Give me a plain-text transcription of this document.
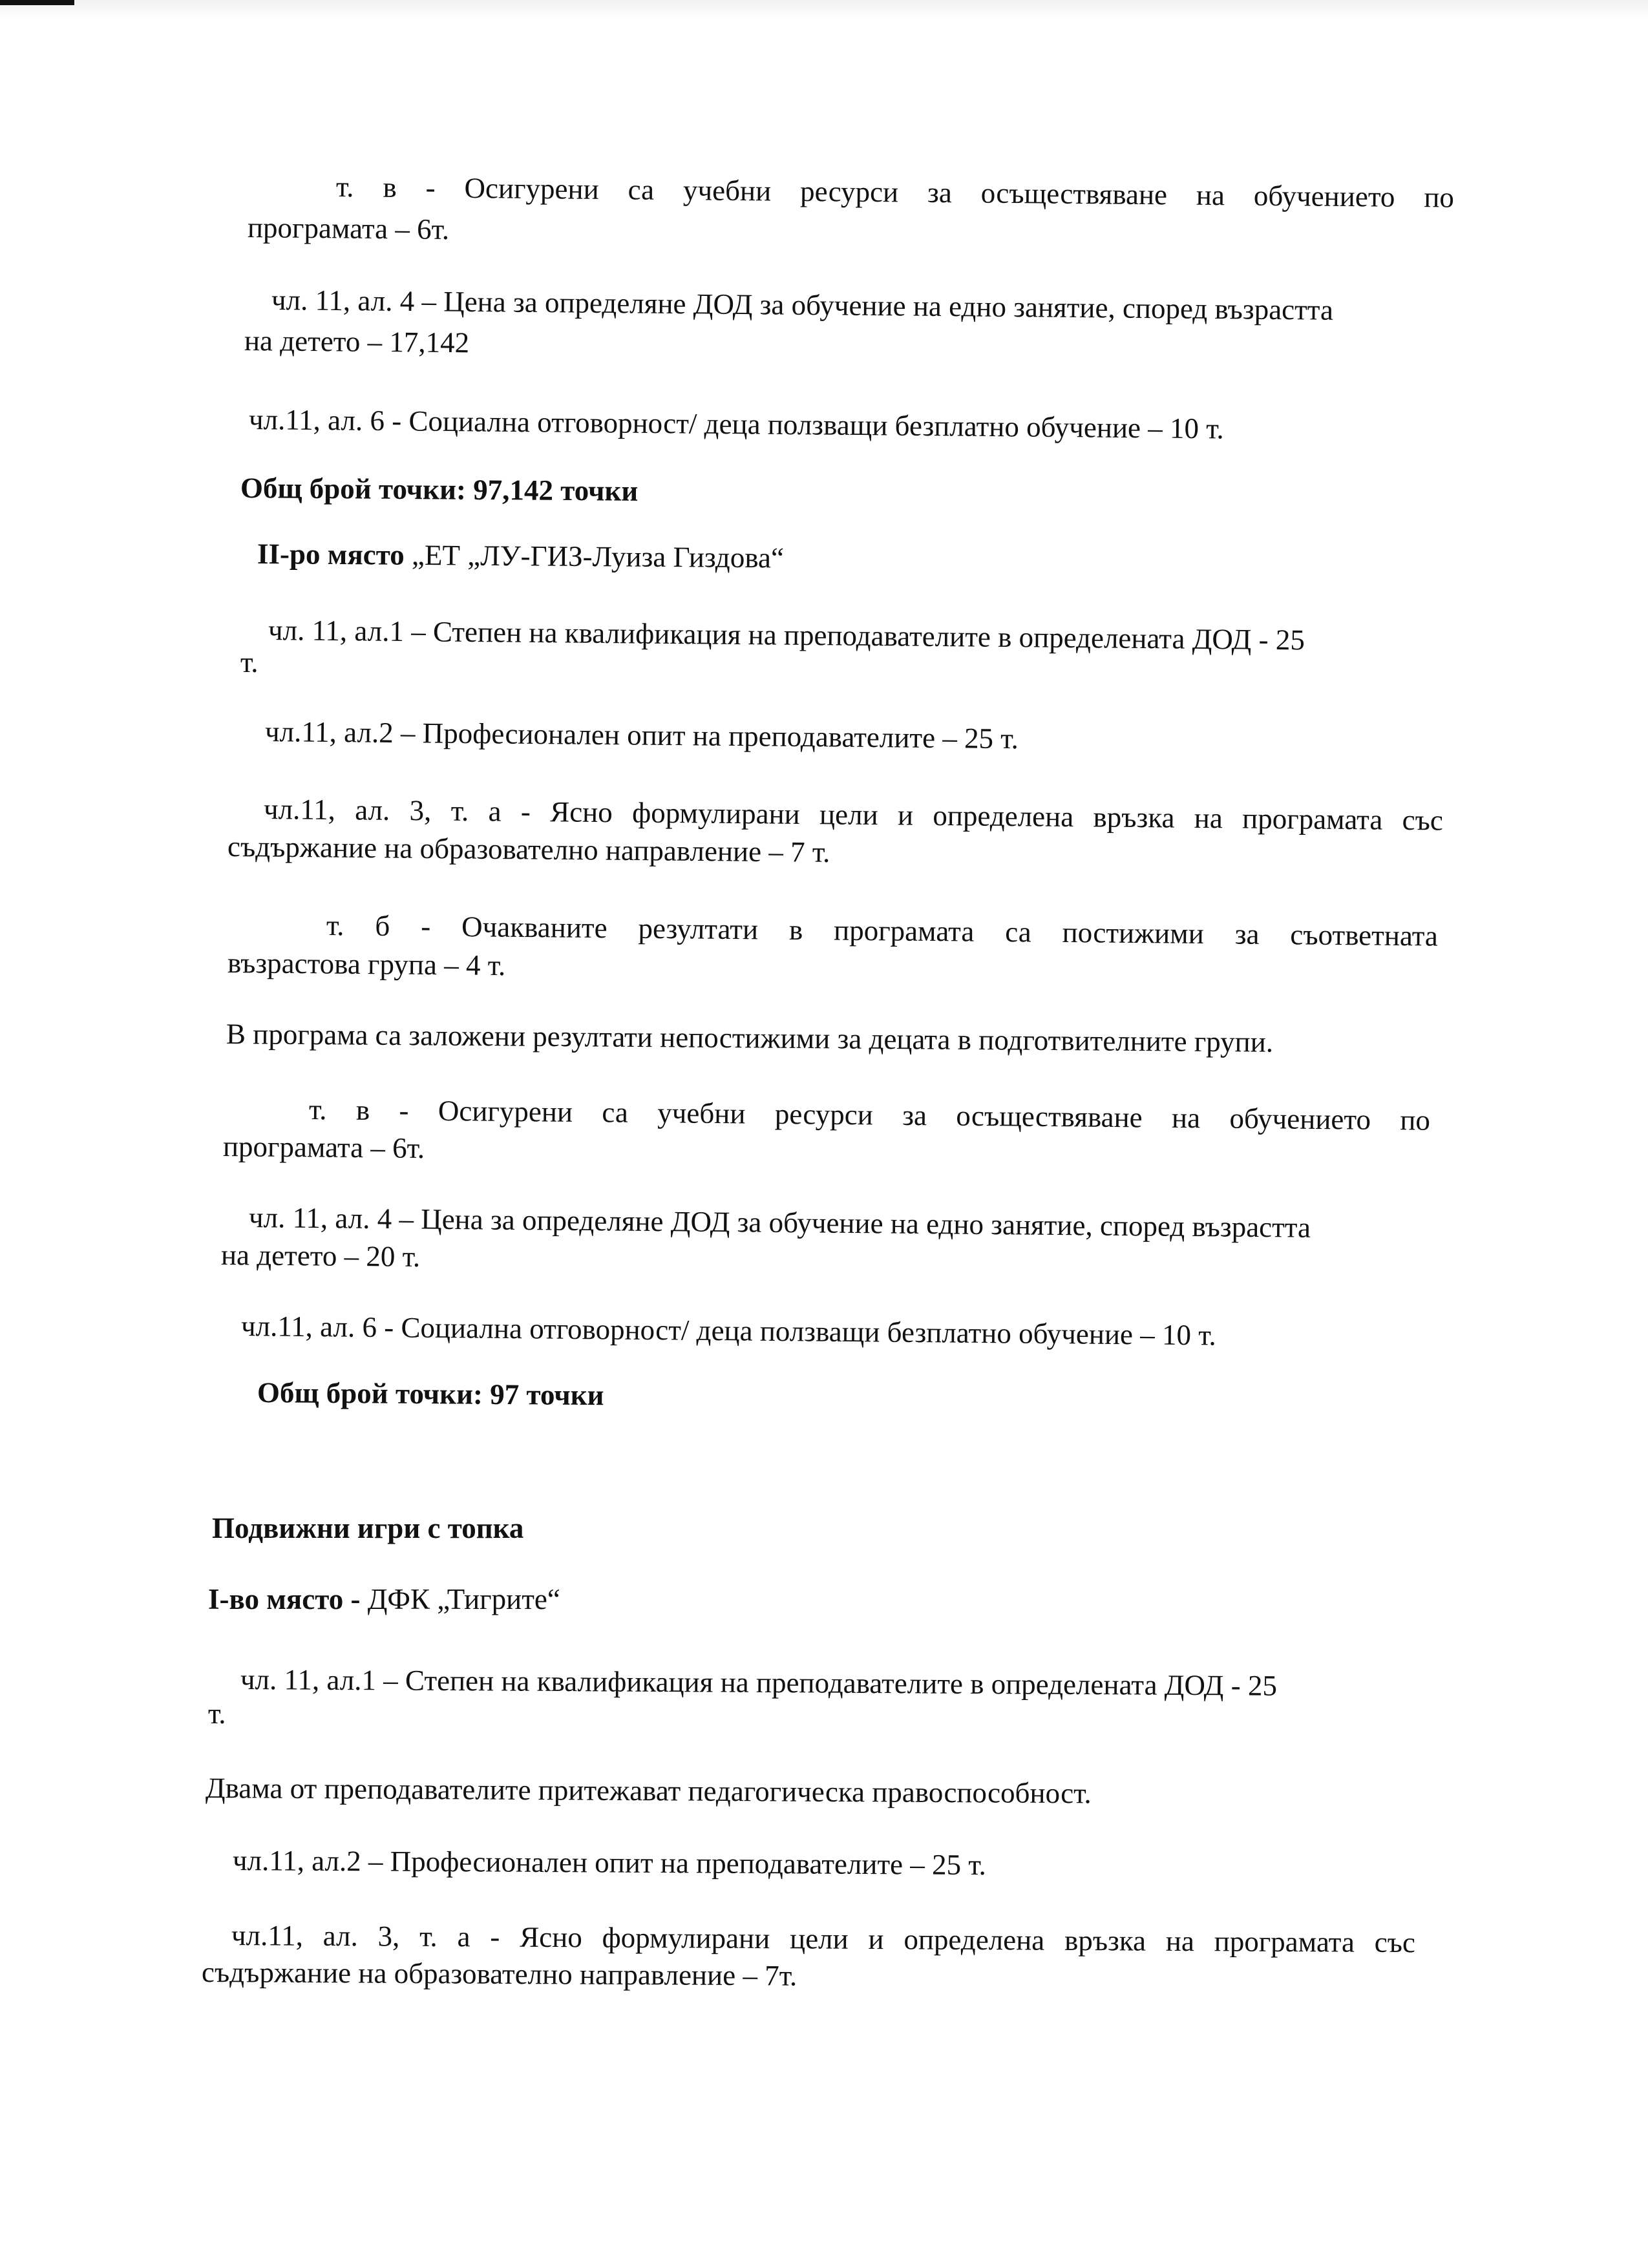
т. в - Осигурени са учебни ресурси за осъществяване на обучението по
програмата – 6т.
чл. 11, ал. 4 – Цена за определяне ДОД за обучение на едно занятие, според възрастта
на детето – 17,142
чл.11, ал. 6 - Социална отговорност/ деца ползващи безплатно обучение – 10 т.
Общ брой точки: 97,142 точки
II-ро място „ЕТ „ЛУ-ГИЗ-Луиза Гиздова“
чл. 11, ал.1 – Степен на квалификация на преподавателите в определената ДОД - 25
т.
чл.11, ал.2 – Професионален опит на преподавателите – 25 т.
чл.11, ал. 3, т. а - Ясно формулирани цели и определена връзка на програмата със
съдържание на образователно направление – 7 т.
т. б - Очакваните резултати в програмата са постижими за съответната
възрастова група – 4 т.
В програма са заложени резултати непостижими за децата в подготвителните групи.
т. в - Осигурени са учебни ресурси за осъществяване на обучението по
програмата – 6т.
чл. 11, ал. 4 – Цена за определяне ДОД за обучение на едно занятие, според възрастта
на детето – 20 т.
чл.11, ал. 6 - Социална отговорност/ деца ползващи безплатно обучение – 10 т.
Общ брой точки: 97 точки
Подвижни игри с топка
I-во място - ДФК „Тигрите“
чл. 11, ал.1 – Степен на квалификация на преподавателите в определената ДОД - 25
т.
Двама от преподавателите притежават педагогическа правоспособност.
чл.11, ал.2 – Професионален опит на преподавателите – 25 т.
чл.11, ал. 3, т. а - Ясно формулирани цели и определена връзка на програмата със
съдържание на образователно направление – 7т.
